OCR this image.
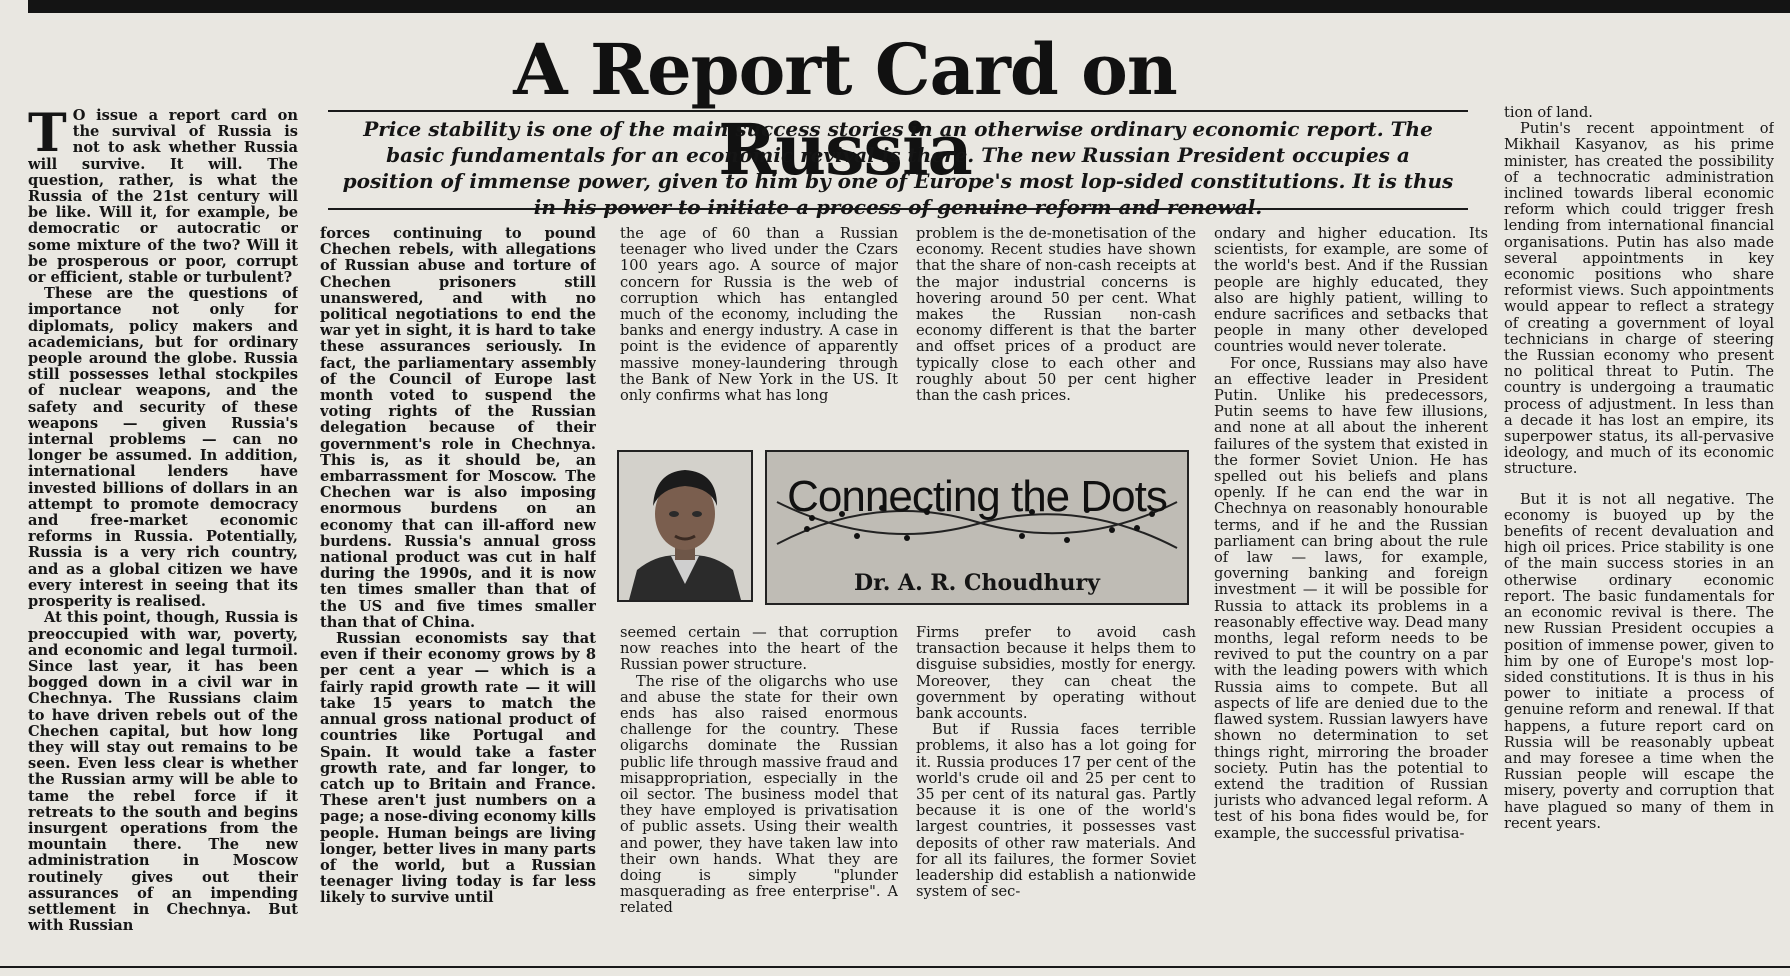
A Report Card on Russia
T O issue a report card on the survival of Russia is not to ask whether Russia will survive. It will. The question, rather, is what the Russia of the 21st century will be like. Will it, for example, be democratic or autocratic or some mixture of the two? Will it be prosperous or poor, corrupt or efficient, stable or turbulent?

These are the questions of importance not only for diplomats, policy makers and academicians, but for ordinary people around the globe. Russia still possesses lethal stockpiles of nuclear weapons, and the safety and security of these weapons — given Russia's internal problems — can no longer be assumed. In addition, international lenders have invested billions of dollars in an attempt to promote democracy and free-market economic reforms in Russia. Potentially, Russia is a very rich country, and as a global citizen we have every interest in seeing that its prosperity is realised.

At this point, though, Russia is preoccupied with war, poverty, and economic and legal turmoil. Since last year, it has been bogged down in a civil war in Chechnya. The Russians claim to have driven rebels out of the Chechen capital, but how long they will stay out remains to be seen. Even less clear is whether the Russian army will be able to tame the rebel force if it retreats to the south and begins insurgent operations from the mountain there. The new administration in Moscow routinely gives out their assurances of an impending settlement in Chechnya. But with Russian

Price stability is one of the main success stories in an otherwise ordinary economic report. The basic fundamentals for an economic revival is there. The new Russian President occupies a position of immense power, given to him by one of Europe's most lop-sided constitutions. It is thus in his power to initiate a process of genuine reform and renewal.

forces continuing to pound Chechen rebels, with allegations of Russian abuse and torture of Chechen prisoners still unanswered, and with no political negotiations to end the war yet in sight, it is hard to take these assurances seriously. In fact, the parliamentary assembly of the Council of Europe last month voted to suspend the voting rights of the Russian delegation because of their government's role in Chechnya. This is, as it should be, an embarrassment for Moscow. The Chechen war is also imposing enormous burdens on an economy that can ill-afford new burdens. Russia's annual gross national product was cut in half during the 1990s, and it is now ten times smaller than that of the US and five times smaller than that of China.

Russian economists say that even if their economy grows by 8 per cent a year — which is a fairly rapid growth rate — it will take 15 years to match the annual gross national product of countries like Portugal and Spain. It would take a faster growth rate, and far longer, to catch up to Britain and France. These aren't just numbers on a page; a nose-diving economy kills people. Human beings are living longer, better lives in many parts of the world, but a Russian teenager living today is far less likely to survive until

the age of 60 than a Russian teenager who lived under the Czars 100 years ago. A source of major concern for Russia is the web of corruption which has entangled much of the economy, including the banks and energy industry. A case in point is the evidence of apparently massive money-laundering through the Bank of New York in the US. It only confirms what has long

problem is the de-monetisation of the economy. Recent studies have shown that the share of non-cash receipts at the major industrial concerns is hovering around 50 per cent. What makes the Russian non-cash economy different is that the barter and offset prices of a product are typically close to each other and roughly about 50 per cent higher than the cash prices.

Connecting the Dots
Dr. A. R. Choudhury

seemed certain — that corruption now reaches into the heart of the Russian power structure.

The rise of the oligarchs who use and abuse the state for their own ends has also raised enormous challenge for the country. These oligarchs dominate the Russian public life through massive fraud and misappropriation, especially in the oil sector. The business model that they have employed is privatisation of public assets. Using their wealth and power, they have taken law into their own hands. What they are doing is simply "plunder masquerading as free enterprise". A related

Firms prefer to avoid cash transaction because it helps them to disguise subsidies, mostly for energy. Moreover, they can cheat the government by operating without bank accounts.

But if Russia faces terrible problems, it also has a lot going for it. Russia produces 17 per cent of the world's crude oil and 25 per cent to 35 per cent of its natural gas. Partly because it is one of the world's largest countries, it possesses vast deposits of other raw materials. And for all its failures, the former Soviet leadership did establish a nationwide system of sec-

ondary and higher education. Its scientists, for example, are some of the world's best. And if the Russian people are highly educated, they also are highly patient, willing to endure sacrifices and setbacks that people in many other developed countries would never tolerate.

For once, Russians may also have an effective leader in President Putin. Unlike his predecessors, Putin seems to have few illusions, and none at all about the inherent failures of the system that existed in the former Soviet Union. He has spelled out his beliefs and plans openly. If he can end the war in Chechnya on reasonably honourable terms, and if he and the Russian parliament can bring about the rule of law — laws, for example, governing banking and foreign investment — it will be possible for Russia to attack its problems in a reasonably effective way. Dead many months, legal reform needs to be revived to put the country on a par with the leading powers with which Russia aims to compete. But all aspects of life are denied due to the flawed system. Russian lawyers have shown no determination to set things right, mirroring the broader society. Putin has the potential to extend the tradition of Russian jurists who advanced legal reform. A test of his bona fides would be, for example, the successful privatisa-

tion of land.

Putin's recent appointment of Mikhail Kasyanov, as his prime minister, has created the possibility of a technocratic administration inclined towards liberal economic reform which could trigger fresh lending from international financial organisations. Putin has also made several appointments in key economic positions who share reformist views. Such appointments would appear to reflect a strategy of creating a government of loyal technicians in charge of steering the Russian economy who present no political threat to Putin. The country is undergoing a traumatic process of adjustment. In less than a decade it has lost an empire, its superpower status, its all-pervasive ideology, and much of its economic structure.

But it is not all negative. The economy is buoyed up by the benefits of recent devaluation and high oil prices. Price stability is one of the main success stories in an otherwise ordinary economic report. The basic fundamentals for an economic revival is there. The new Russian President occupies a position of immense power, given to him by one of Europe's most lop-sided constitutions. It is thus in his power to initiate a process of genuine reform and renewal. If that happens, a future report card on Russia will be reasonably upbeat and may foresee a time when the Russian people will escape the misery, poverty and corruption that have plagued so many of them in recent years.
